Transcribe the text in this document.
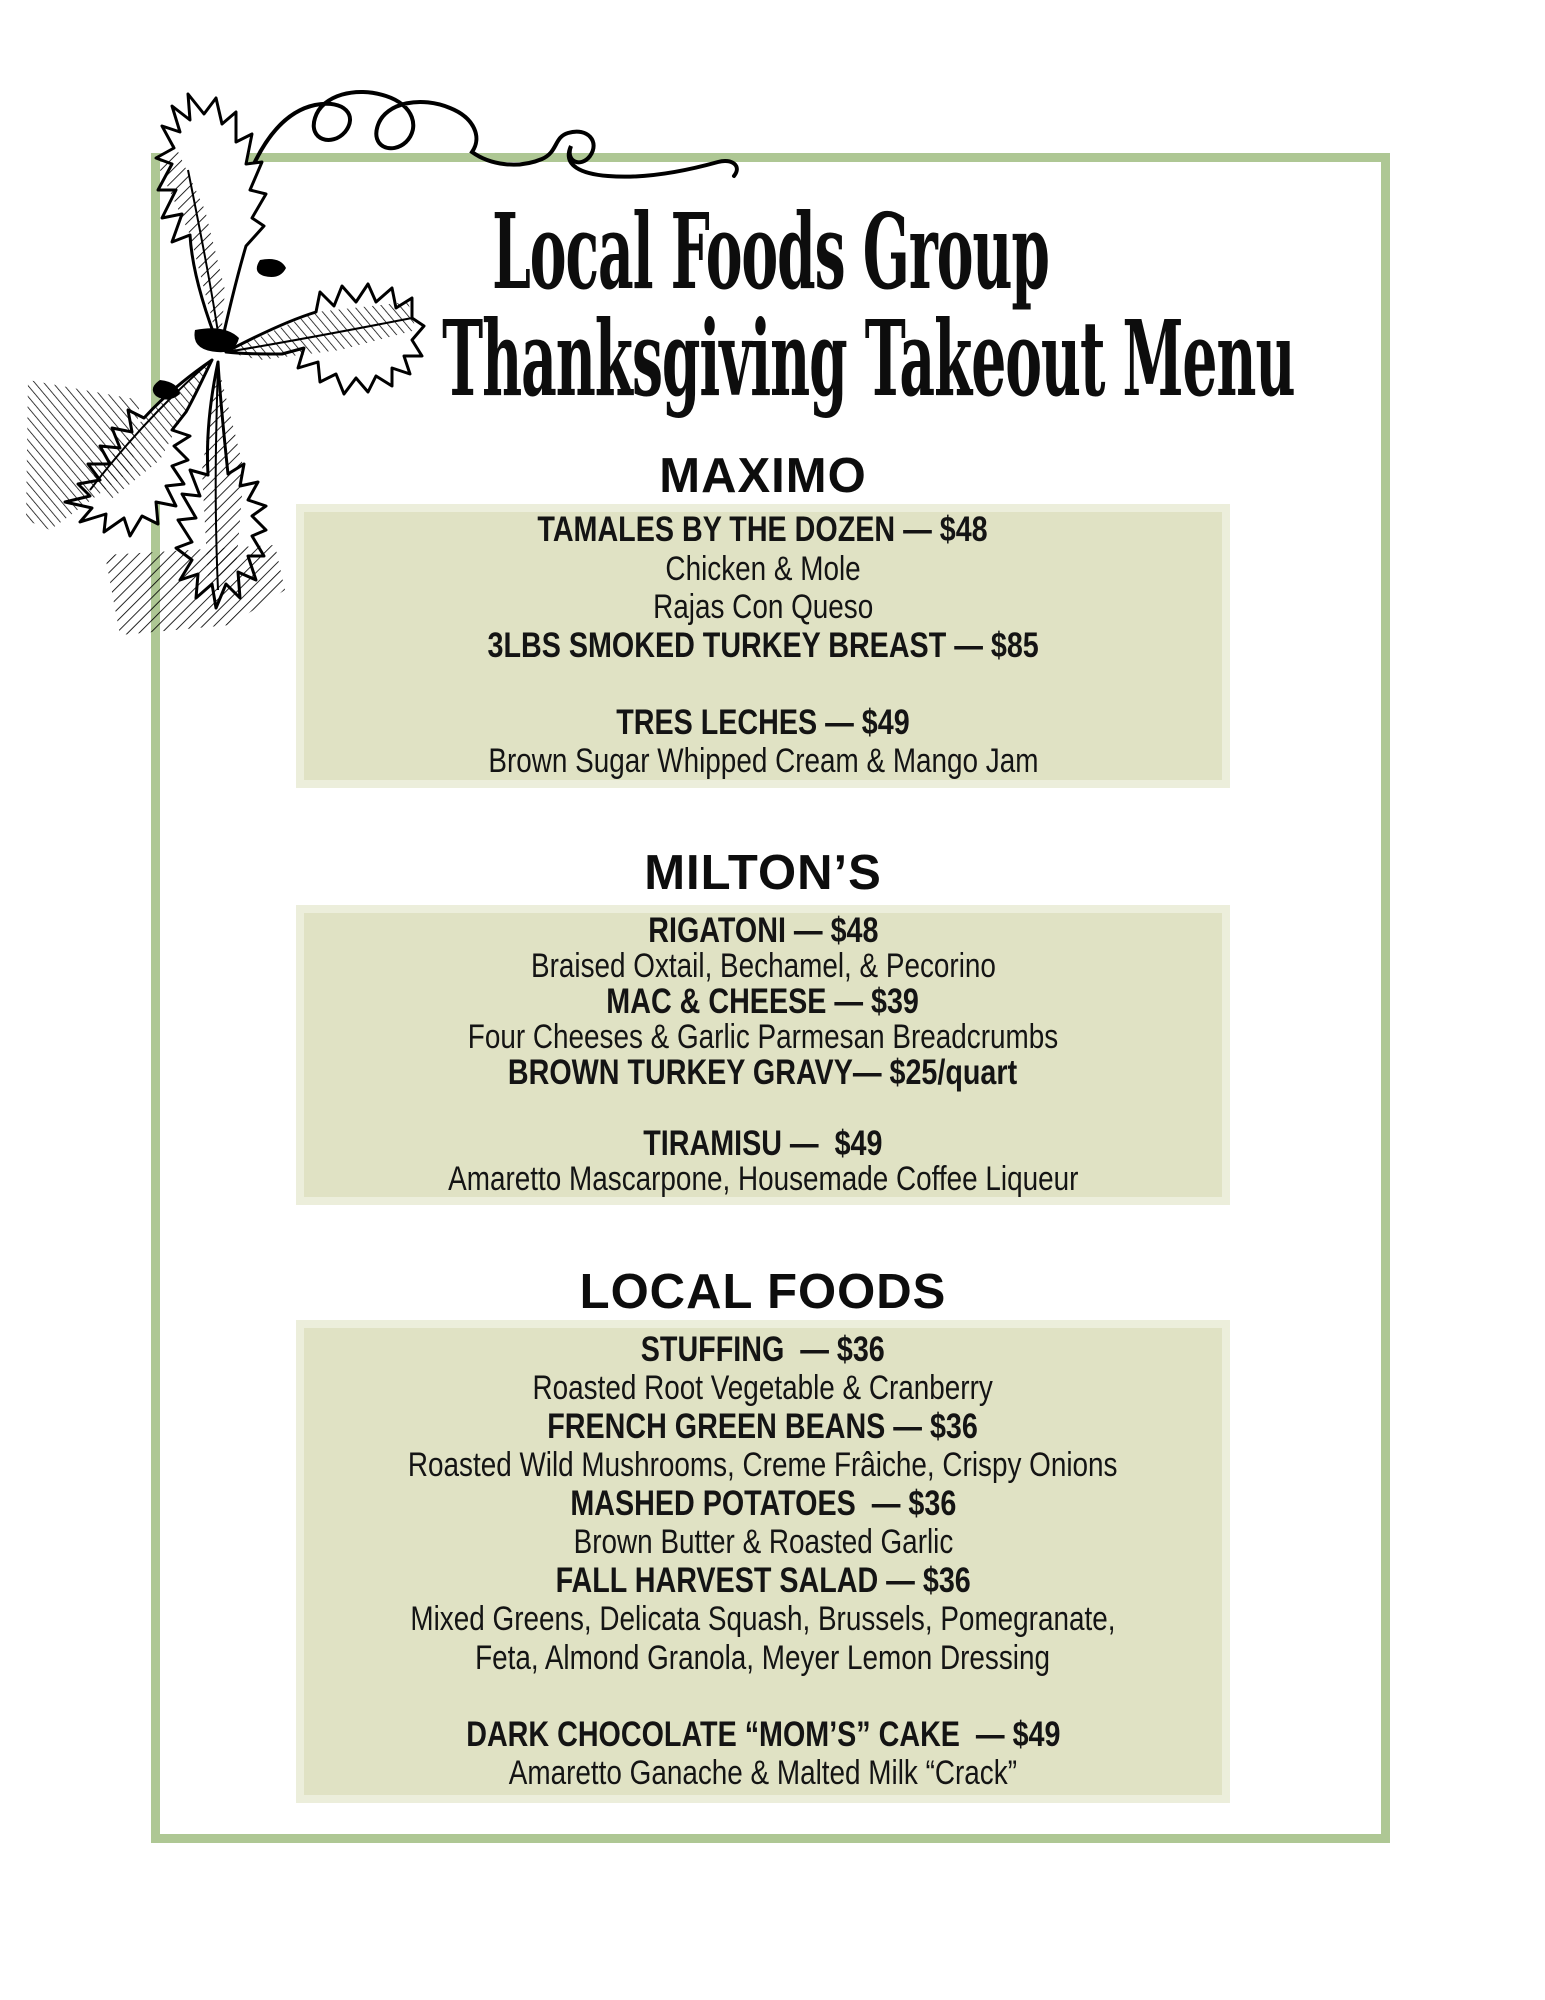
Local Foods Group
Thanksgiving Takeout Menu
MAXIMO
TAMALES BY THE DOZEN — $48
Chicken & Mole
Rajas Con Queso
3LBS SMOKED TURKEY BREAST — $85
TRES LECHES — $49
Brown Sugar Whipped Cream & Mango Jam
MILTON’S
RIGATONI — $48
Braised Oxtail, Bechamel, & Pecorino
MAC & CHEESE — $39
Four Cheeses & Garlic Parmesan Breadcrumbs
BROWN TURKEY GRAVY— $25/quart
TIRAMISU —  $49
Amaretto Mascarpone, Housemade Coffee Liqueur
LOCAL FOODS
STUFFING  — $36
Roasted Root Vegetable & Cranberry
FRENCH GREEN BEANS — $36
Roasted Wild Mushrooms, Creme Frâiche, Crispy Onions
MASHED POTATOES  — $36
Brown Butter & Roasted Garlic
FALL HARVEST SALAD — $36
Mixed Greens, Delicata Squash, Brussels, Pomegranate,
Feta, Almond Granola, Meyer Lemon Dressing
DARK CHOCOLATE “MOM’S” CAKE  — $49
Amaretto Ganache & Malted Milk “Crack”
